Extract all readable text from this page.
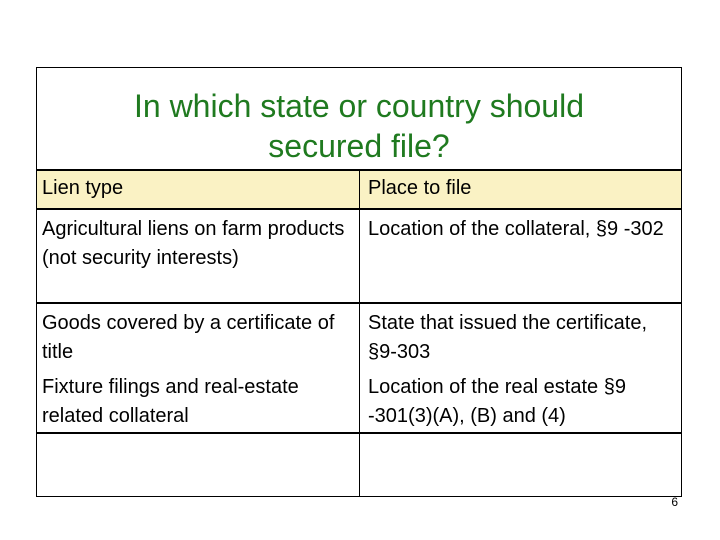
In which state or country should
secured file?
Lien type	Place to file
Agricultural liens on farm products (not security interests)
Location of the collateral, §9 -302
Goods covered by a certificate of title
State that issued the certificate, §9-303
Fixture filings and real-estate related collateral
Location of the real estate §9 -301(3)(A), (B) and (4)
6
